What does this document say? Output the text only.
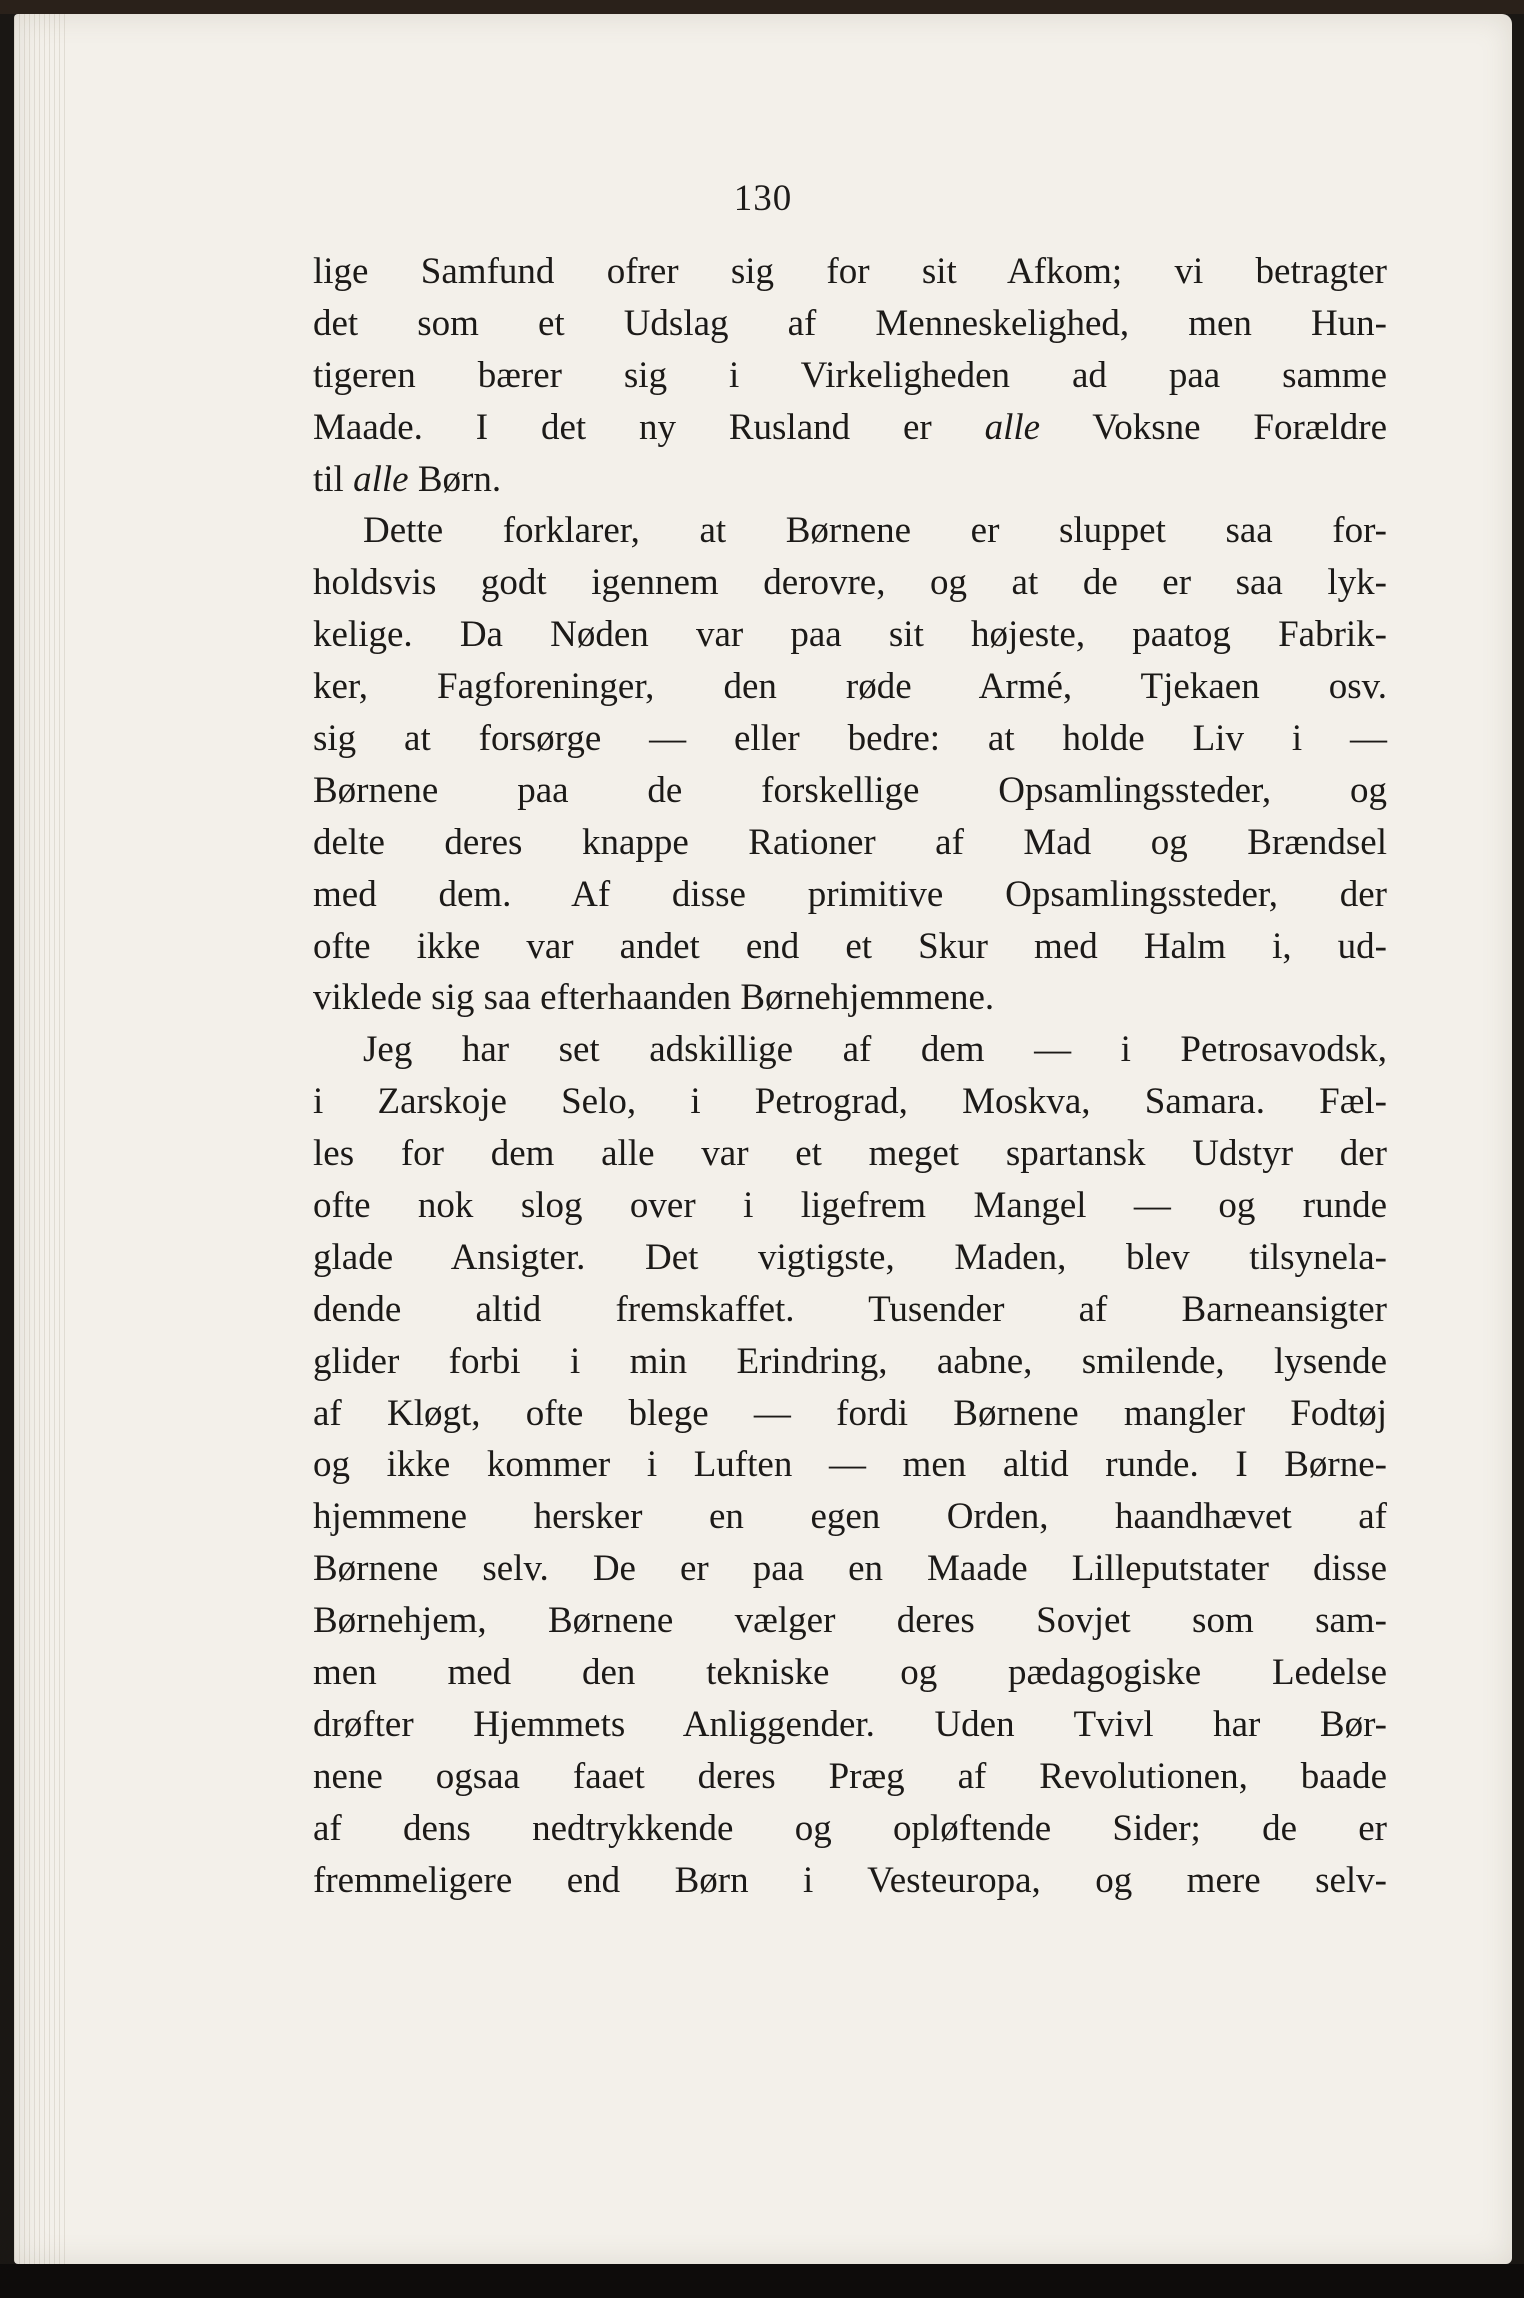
130
lige Samfund ofrer sig for sit Afkom; vi betragter
det som et Udslag af Menneskelighed, men Hun-
tigeren bærer sig i Virkeligheden ad paa samme
Maade. I det ny Rusland er alle Voksne Forældre
til alle Børn.
Dette forklarer, at Børnene er sluppet saa for-
holdsvis godt igennem derovre, og at de er saa lyk-
kelige. Da Nøden var paa sit højeste, paatog Fabrik-
ker, Fagforeninger, den røde Armé, Tjekaen osv.
sig at forsørge — eller bedre: at holde Liv i —
Børnene paa de forskellige Opsamlingssteder, og
delte deres knappe Rationer af Mad og Brændsel
med dem. Af disse primitive Opsamlingssteder, der
ofte ikke var andet end et Skur med Halm i, ud-
viklede sig saa efterhaanden Børnehjemmene.
Jeg har set adskillige af dem — i Petrosavodsk,
i Zarskoje Selo, i Petrograd, Moskva, Samara. Fæl-
les for dem alle var et meget spartansk Udstyr der
ofte nok slog over i ligefrem Mangel — og runde
glade Ansigter. Det vigtigste, Maden, blev tilsynela-
dende altid fremskaffet. Tusender af Barneansigter
glider forbi i min Erindring, aabne, smilende, lysende
af Kløgt, ofte blege — fordi Børnene mangler Fodtøj
og ikke kommer i Luften — men altid runde. I Børne-
hjemmene hersker en egen Orden, haandhævet af
Børnene selv. De er paa en Maade Lilleputstater disse
Børnehjem, Børnene vælger deres Sovjet som sam-
men med den tekniske og pædagogiske Ledelse
drøfter Hjemmets Anliggender. Uden Tvivl har Bør-
nene ogsaa faaet deres Præg af Revolutionen, baade
af dens nedtrykkende og opløftende Sider; de er
fremmeligere end Børn i Vesteuropa, og mere selv-
